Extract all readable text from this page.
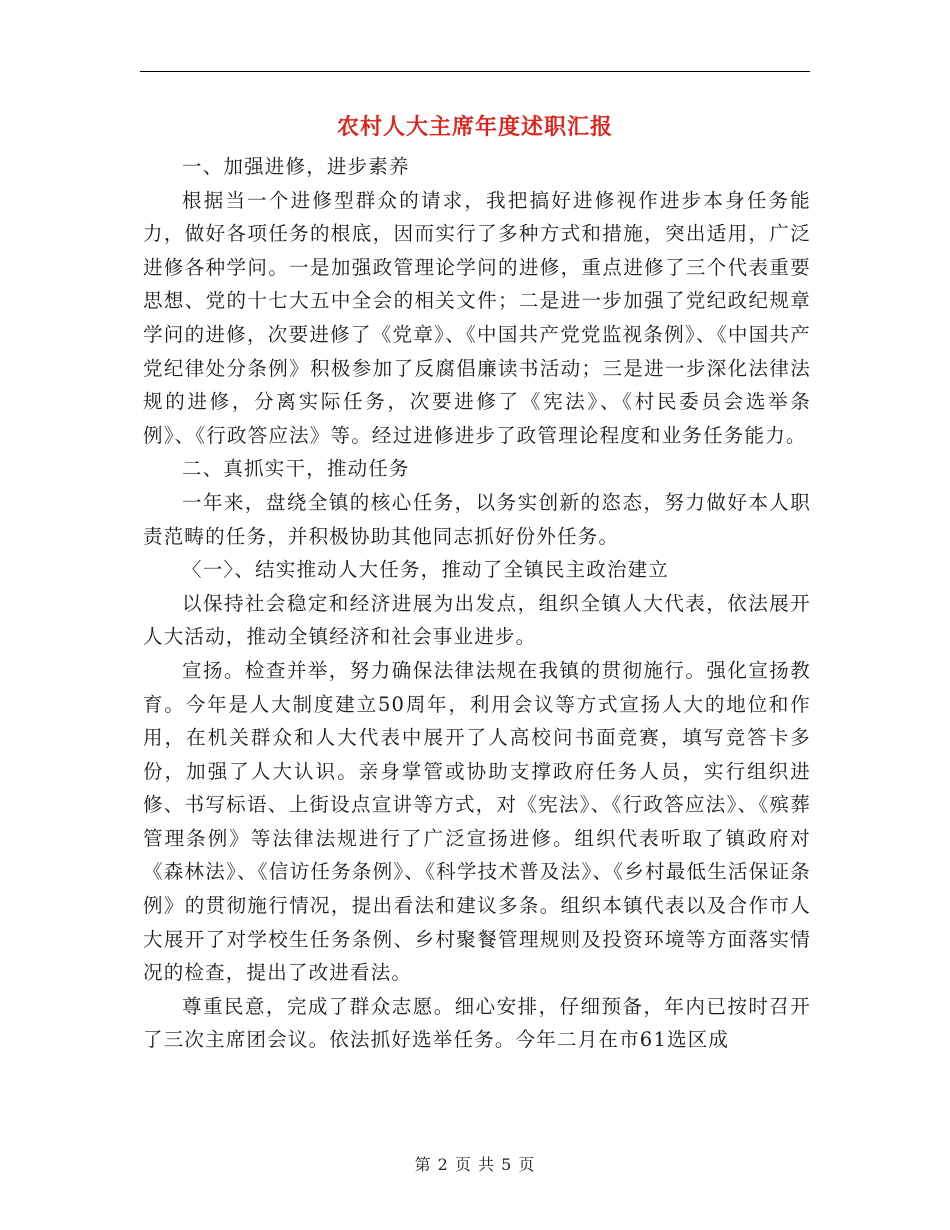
农村人大主席年度述职汇报

一、加强进修，进步素养

根据当一个进修型群众的请求，我把搞好进修视作进步本身任务能力，做好各项任务的根底，因而实行了多种方式和措施，突出适用，广泛进修各种学问。一是加强政管理论学问的进修，重点进修了三个代表重要思想、党的十七大五中全会的相关文件；二是进一步加强了党纪政纪规章学问的进修，次要进修了《党章》、《中国共产党党监视条例》、《中国共产党纪律处分条例》积极参加了反腐倡廉读书活动；三是进一步深化法律法规的进修，分离实际任务，次要进修了《宪法》、《村民委员会选举条例》、《行政答应法》等。经过进修进步了政管理论程度和业务任务能力。

二、真抓实干，推动任务

一年来，盘绕全镇的核心任务，以务实创新的恣态，努力做好本人职责范畴的任务，并积极协助其他同志抓好份外任务。

〈一〉、结实推动人大任务，推动了全镇民主政治建立

以保持社会稳定和经济进展为出发点，组织全镇人大代表，依法展开人大活动，推动全镇经济和社会事业进步。

宣扬。检查并举，努力确保法律法规在我镇的贯彻施行。强化宣扬教育。今年是人大制度建立50周年，利用会议等方式宣扬人大的地位和作用，在机关群众和人大代表中展开了人高校问书面竞赛，填写竞答卡多份，加强了人大认识。亲身掌管或协助支撑政府任务人员，实行组织进修、书写标语、上街设点宣讲等方式，对《宪法》、《行政答应法》、《殡葬管理条例》等法律法规进行了广泛宣扬进修。组织代表听取了镇政府对《森林法》、《信访任务条例》、《科学技术普及法》、《乡村最低生活保证条例》的贯彻施行情况，提出看法和建议多条。组织本镇代表以及合作市人大展开了对学校生任务条例、乡村聚餐管理规则及投资环境等方面落实情况的检查，提出了改进看法。

尊重民意，完成了群众志愿。细心安排，仔细预备，年内已按时召开了三次主席团会议。依法抓好选举任务。今年二月在市61选区成

第 2 页 共 5 页
